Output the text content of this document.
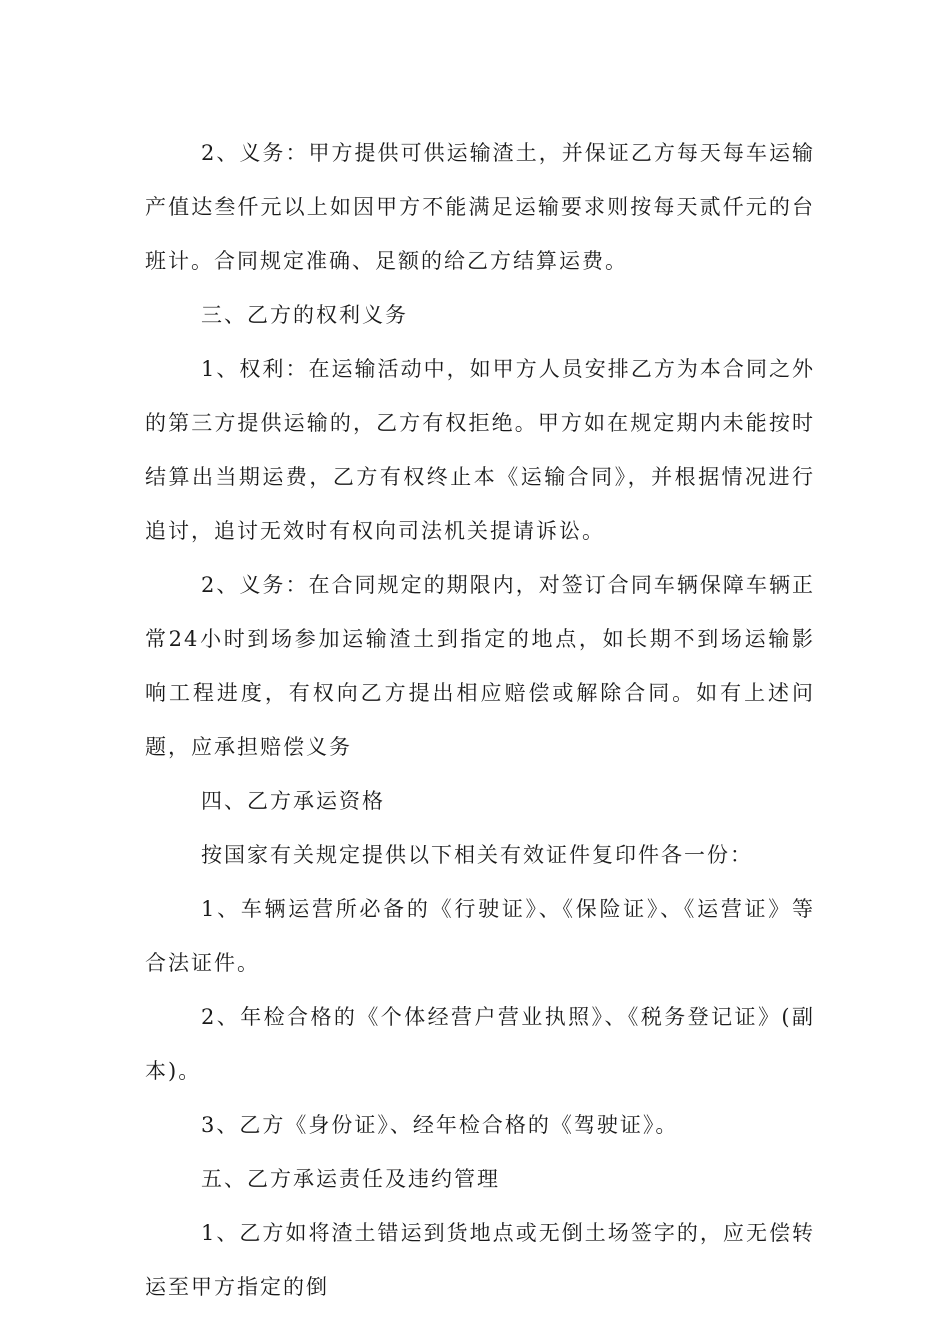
2、义务：甲方提供可供运输渣土，并保证乙方每天每车运输产值达叁仟元以上如因甲方不能满足运输要求则按每天贰仟元的台班计。合同规定准确、足额的给乙方结算运费。

三、乙方的权利义务

1、权利：在运输活动中，如甲方人员安排乙方为本合同之外的第三方提供运输的，乙方有权拒绝。甲方如在规定期内未能按时结算出当期运费，乙方有权终止本《运输合同》，并根据情况进行追讨，追讨无效时有权向司法机关提请诉讼。

2、义务：在合同规定的期限内，对签订合同车辆保障车辆正常24小时到场参加运输渣土到指定的地点，如长期不到场运输影响工程进度，有权向乙方提出相应赔偿或解除合同。如有上述问题，应承担赔偿义务

四、乙方承运资格

按国家有关规定提供以下相关有效证件复印件各一份：

1、车辆运营所必备的《行驶证》、《保险证》、《运营证》等合法证件。

2、年检合格的《个体经营户营业执照》、《税务登记证》(副本)。

3、乙方《身份证》、经年检合格的《驾驶证》。

五、乙方承运责任及违约管理

1、乙方如将渣土错运到货地点或无倒土场签字的，应无偿转运至甲方指定的倒
